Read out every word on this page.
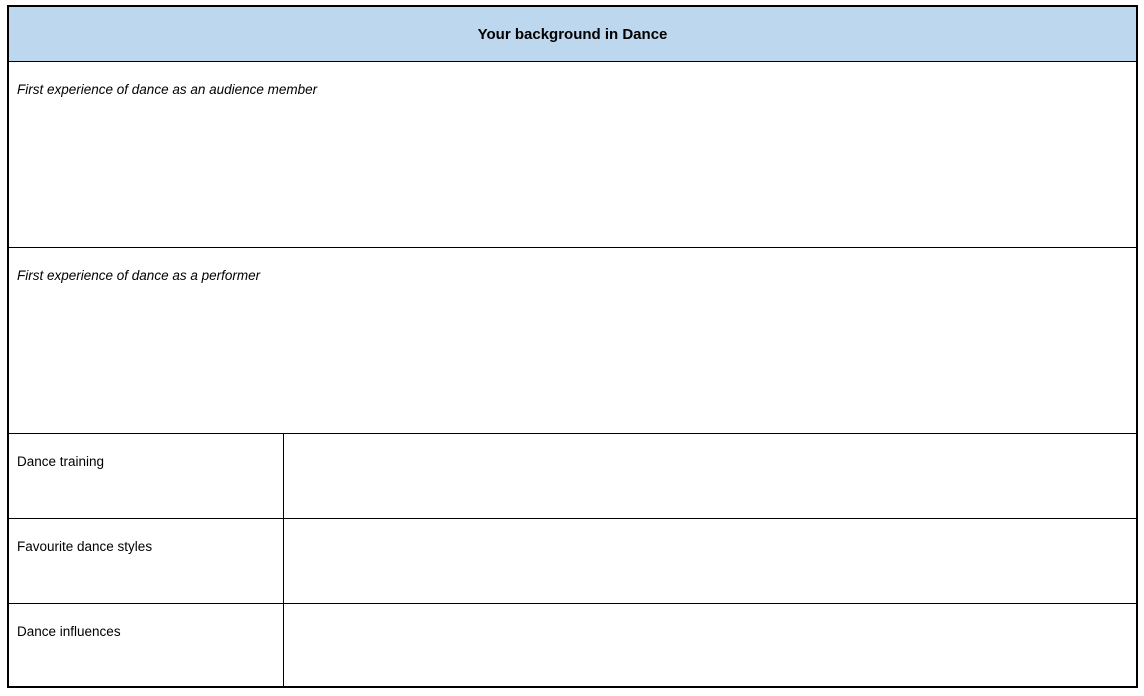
Your background in Dance
First experience of dance as an audience member
First experience of dance as a performer
Dance training
Favourite dance styles
Dance influences
